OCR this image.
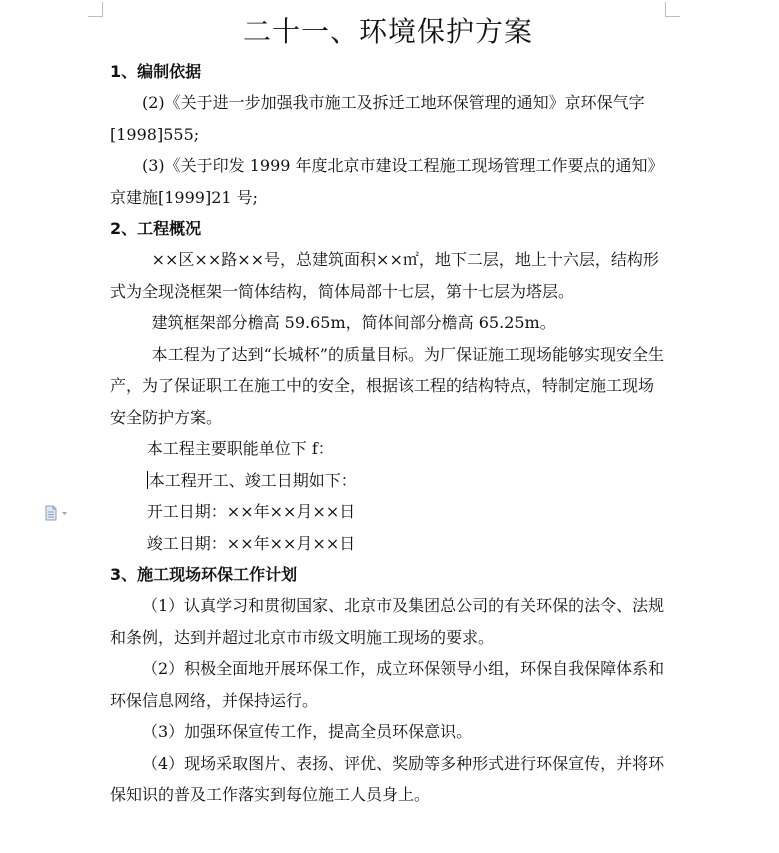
二十一、环境保护方案
1、编制依据

(2)《关于进一步加强我市施工及拆迁工地环保管理的通知》京环保气字[1998]555;

(3)《关于印发 1999 年度北京市建设工程施工现场管理工作要点的通知》京建施[1999]21 号;

2、工程概况

××区××路××号，总建筑面积××㎡，地下二层，地上十六层，结构形式为全现浇框架一简体结构，简体局部十七层，第十七层为塔层。

建筑框架部分檐高 59.65m，简体间部分檐高 65.25m。

本工程为了达到“长城杯”的质量目标。为厂保证施工现场能够实现安全生产，为了保证职工在施工中的安全，根据该工程的结构特点，特制定施工现场安全防护方案。

本工程主要职能单位下 f：

本工程开工、竣工日期如下：

开工日期：××年××月××日

竣工日期：××年××月××日

3、施工现场环保工作计划

（1）认真学习和贯彻国家、北京市及集团总公司的有关环保的法令、法规和条例，达到并超过北京市市级文明施工现场的要求。

（2）积极全面地开展环保工作，成立环保领导小组，环保自我保障体系和环保信息网络，并保持运行。

（3）加强环保宣传工作，提高全员环保意识。

（4）现场采取图片、表扬、评优、奖励等多种形式进行环保宣传，并将环保知识的普及工作落实到每位施工人员身上。
